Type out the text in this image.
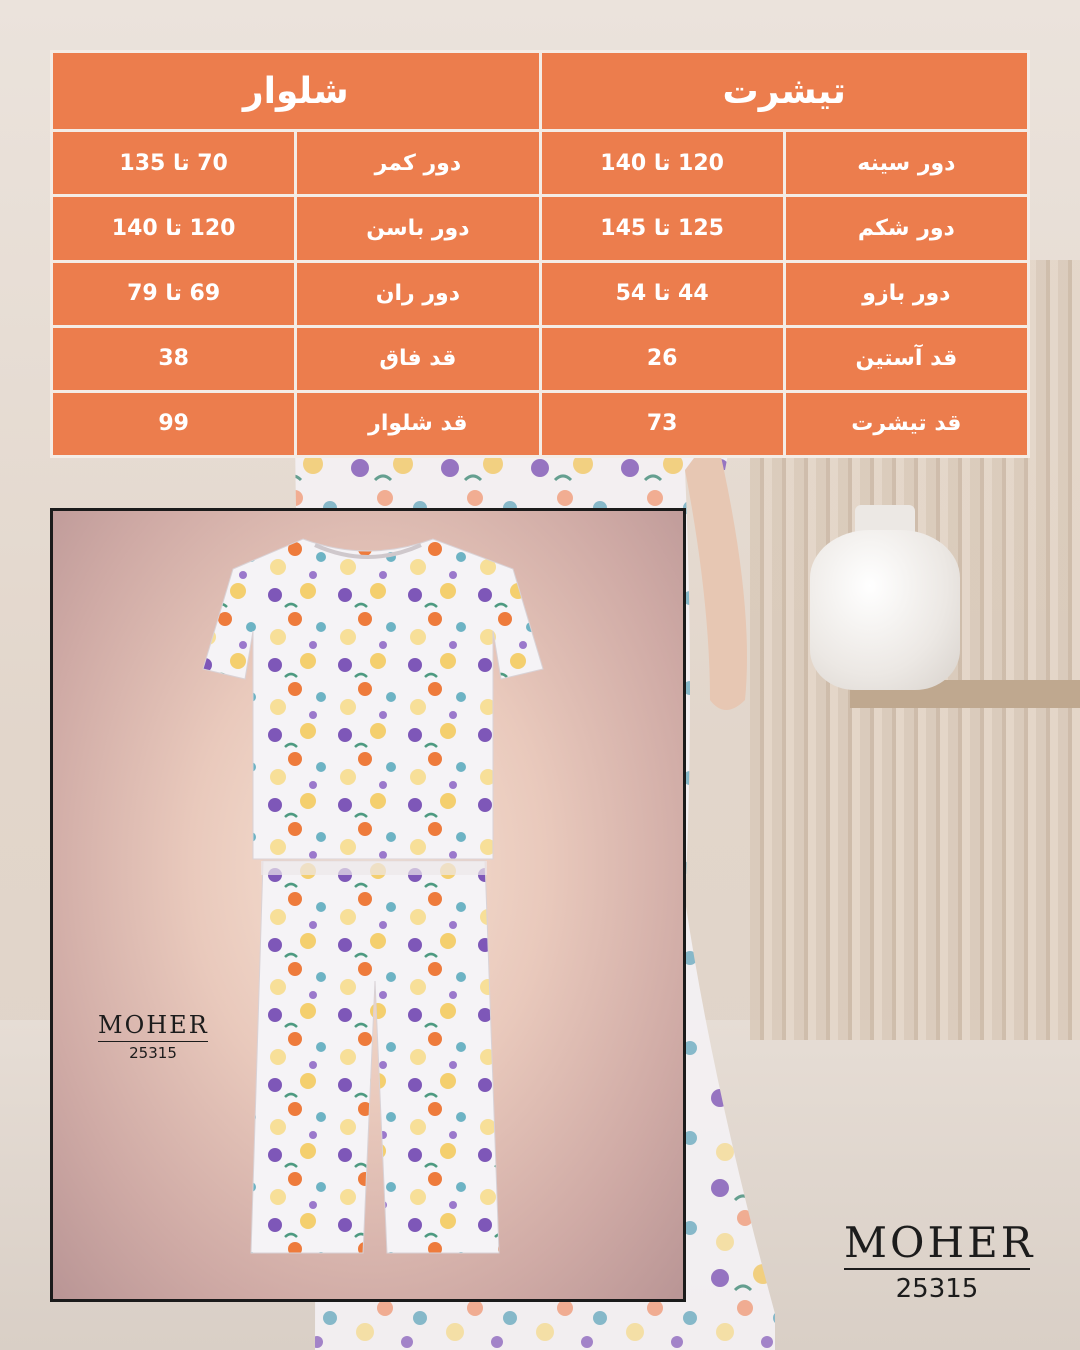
شلوار		تیشرت	
70 تا 135	دور کمر	120 تا 140	دور سینه
120 تا 140	دور باسن	125 تا 145	دور شکم
69 تا 79	دور ران	44 تا 54	دور بازو
38	قد فاق	26	قد آستین
99	قد شلوار	73	قد تیشرت
MOHER
25315
MOHER
25315
